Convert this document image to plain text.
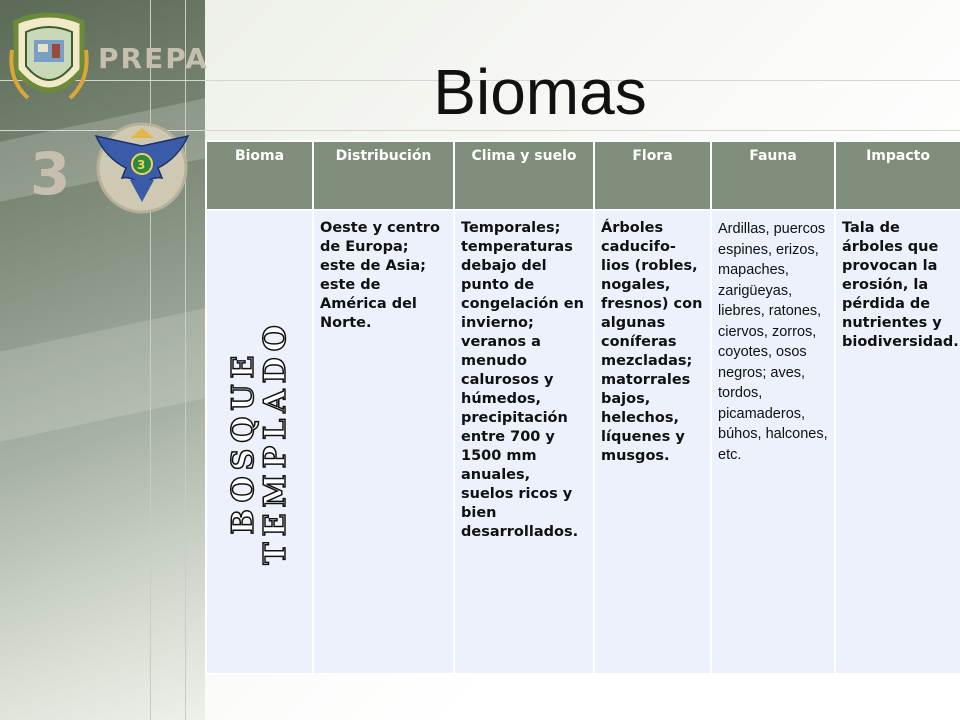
PREPA
3	3
Biomas
Bioma	Distribución	Clima y suelo	Flora	Fauna	Impacto

BOSQUE
TEMPLADO	Oeste y centro de Europa; este de Asia; este de América del Norte.	Temporales; temperaturas debajo del punto de congelación en invierno; veranos a menudo calurosos y húmedos, precipitación entre 700 y 1500 mm anuales, suelos ricos y bien desarrollados.	Árboles caducifo-lios (robles, nogales, fresnos) con algunas coníferas mezcladas; matorrales bajos, helechos, líquenes y musgos.	Ardillas, puercos espines, erizos, mapaches, zarigüeyas, liebres, ratones, ciervos, zorros, coyotes, osos negros; aves, tordos, picamaderos, búhos, halcones, etc.	Tala de árboles que provocan la erosión, la pérdida de nutrientes y biodiversidad.
